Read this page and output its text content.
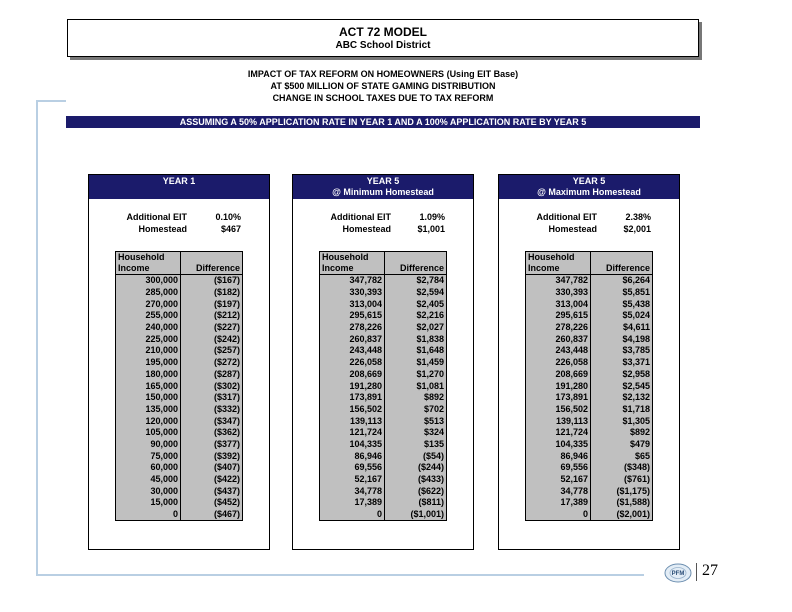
ACT 72 MODEL
ABC School District
IMPACT OF TAX REFORM ON HOMEOWNERS (Using EIT Base)
AT $500 MILLION OF STATE GAMING DISTRIBUTION
CHANGE IN SCHOOL TAXES DUE TO TAX REFORM
ASSUMING A 50% APPLICATION RATE IN YEAR 1 AND A 100% APPLICATION RATE BY YEAR 5
YEAR 1
Additional EIT	0.10%
Homestead	$467
Household	
Income	Difference
300,000	($167)
285,000	($182)
270,000	($197)
255,000	($212)
240,000	($227)
225,000	($242)
210,000	($257)
195,000	($272)
180,000	($287)
165,000	($302)
150,000	($317)
135,000	($332)
120,000	($347)
105,000	($362)
90,000	($377)
75,000	($392)
60,000	($407)
45,000	($422)
30,000	($437)
15,000	($452)
0	($467)
YEAR 5
@ Minimum Homestead
Additional EIT	1.09%
Homestead	$1,001
Household	
Income	Difference
347,782	$2,784
330,393	$2,594
313,004	$2,405
295,615	$2,216
278,226	$2,027
260,837	$1,838
243,448	$1,648
226,058	$1,459
208,669	$1,270
191,280	$1,081
173,891	$892
156,502	$702
139,113	$513
121,724	$324
104,335	$135
86,946	($54)
69,556	($244)
52,167	($433)
34,778	($622)
17,389	($811)
0	($1,001)
YEAR 5
@ Maximum Homestead
Additional EIT	2.38%
Homestead	$2,001
Household	
Income	Difference
347,782	$6,264
330,393	$5,851
313,004	$5,438
295,615	$5,024
278,226	$4,611
260,837	$4,198
243,448	$3,785
226,058	$3,371
208,669	$2,958
191,280	$2,545
173,891	$2,132
156,502	$1,718
139,113	$1,305
121,724	$892
104,335	$479
86,946	$65
69,556	($348)
52,167	($761)
34,778	($1,175)
17,389	($1,588)
0	($2,001)
PFM 27
